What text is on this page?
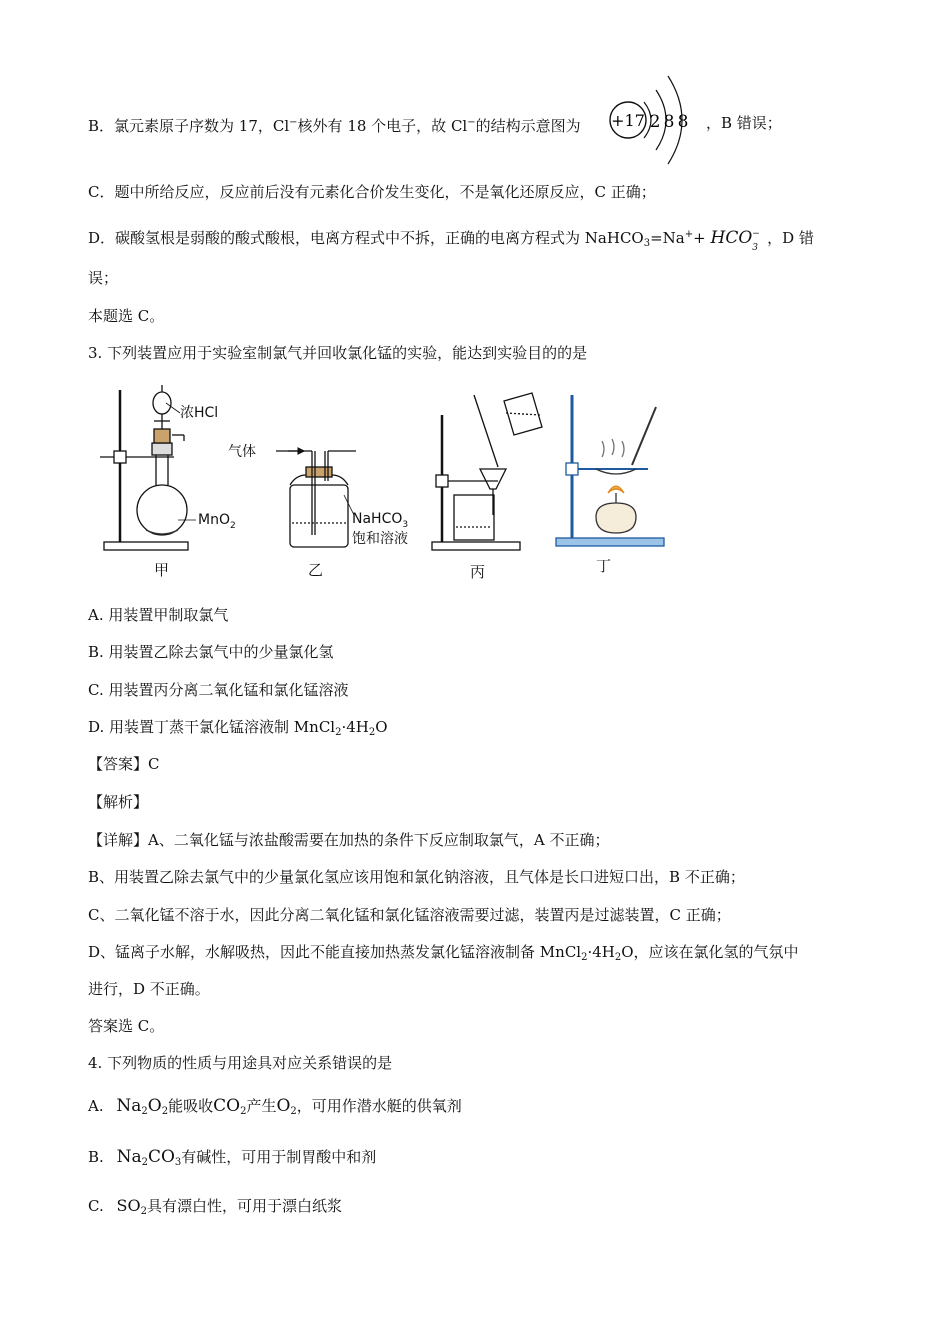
B．氯元素原子序数为 17，Cl−核外有 18 个电子，故 Cl−的结构示意图为 +17 2 8 8 ，B 错误；
C．题中所给反应，反应前后没有元素化合价发生变化，不是氧化还原反应，C 正确；
D．碳酸氢根是弱酸的酸式酸根，电离方程式中不拆，正确的电离方程式为 NaHCO$_3$=Na++ HCO −
3
，D 错
误；
本题选 C。
3. 下列装置应用于实验室制氯气并回收氯化锰的实验，能达到实验目的的是
浓HCl
MnO$_2$
气体
NaHCO$_3$
饱和溶液
甲	乙	丙	丁
A. 用装置甲制取氯气
B. 用装置乙除去氯气中的少量氯化氢
C. 用装置丙分离二氧化锰和氯化锰溶液
D. 用装置丁蒸干氯化锰溶液制 $MnCl_2\cdot 4H_2O$
【答案】C
【解析】
【详解】A、二氧化锰与浓盐酸需要在加热的条件下反应制取氯气，A 不正确；
B、用装置乙除去氯气中的少量氯化氢应该用饱和氯化钠溶液，且气体是长口进短口出，B 不正确；
C、二氧化锰不溶于水，因此分离二氧化锰和氯化锰溶液需要过滤，装置丙是过滤装置，C 正确；
D、锰离子水解，水解吸热，因此不能直接加热蒸发氯化锰溶液制备 $MnCl_2\cdot 4H_2O$，应该在氯化氢的气氛中
进行，D 不正确。
答案选 C。
4. 下列物质的性质与用途具对应关系错误的是
A. $Na_2O_2$能吸收$CO_2$产生$O_2$，可用作潜水艇的供氧剂
B. $Na_2CO_3$有碱性，可用于制胃酸中和剂
C. $SO_2$具有漂白性，可用于漂白纸浆
